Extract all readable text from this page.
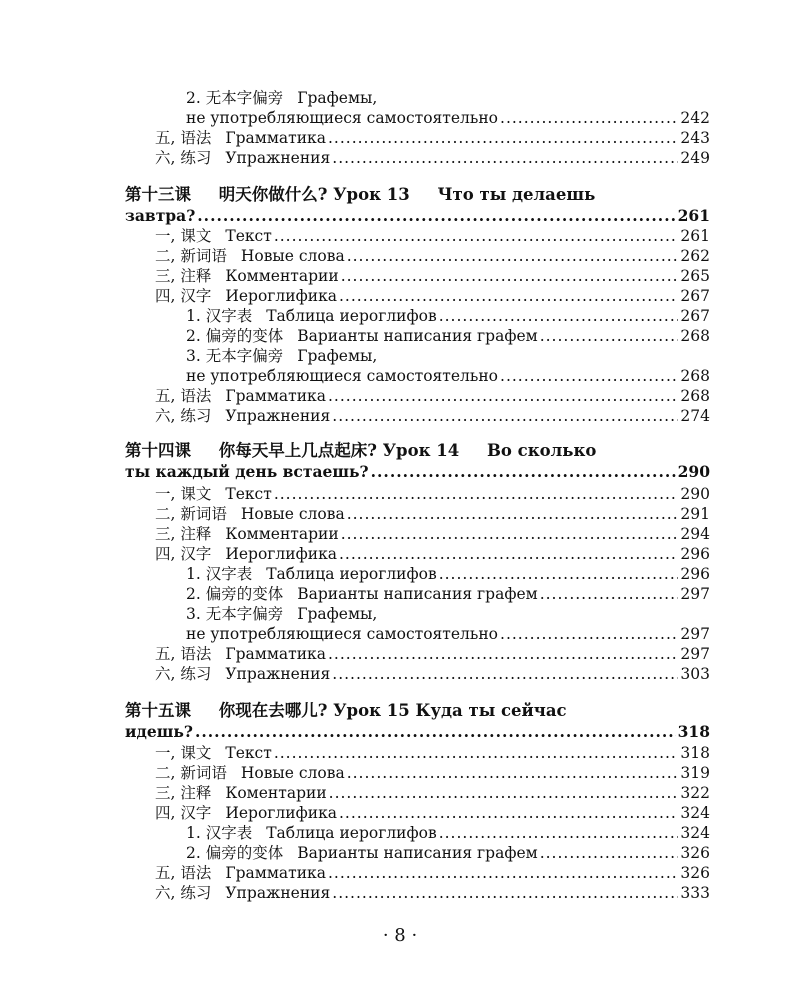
2. 无本字偏旁 Графемы,
не употребляющиеся самостоятельно .....	242
五, 语法 Грамматика .....	243
六, 练习 Упражнения .....	249
第十三课 明天你做什么? Урок 13 Что ты делаешь
завтра? .....	261
一, 课文 Текст .....	261
二, 新词语 Новые слова .....	262
三, 注释 Комментарии .....	265
四, 汉字 Иероглифика .....	267
1. 汉字表 Таблица иероглифов .....	267
2. 偏旁的变体 Варианты написания графем .....	268
3. 无本字偏旁 Графемы,
не употребляющиеся самостоятельно .....	268
五, 语法 Грамматика .....	268
六, 练习 Упражнения .....	274
第十四课 你每天早上几点起床? Урок 14 Во сколько
ты каждый день встаешь? .....	290
一, 课文 Текст .....	290
二, 新词语 Новые слова .....	291
三, 注释 Комментарии .....	294
四, 汉字 Иероглифика .....	296
1. 汉字表 Таблица иероглифов .....	296
2. 偏旁的变体 Варианты написания графем .....	297
3. 无本字偏旁 Графемы,
не употребляющиеся самостоятельно .....	297
五, 语法 Грамматика .....	297
六, 练习 Упражнения .....	303
第十五课 你现在去哪儿? Урок 15 Куда ты сейчас
идешь? .....	318
一, 课文 Текст .....	318
二, 新词语 Новые слова .....	319
三, 注释 Коментарии .....	322
四, 汉字 Иероглифика .....	324
1. 汉字表 Таблица иероглифов .....	324
2. 偏旁的变体 Варианты написания графем .....	326
五, 语法 Грамматика .....	326
六, 练习 Упражнения .....	333
· 8 ·
